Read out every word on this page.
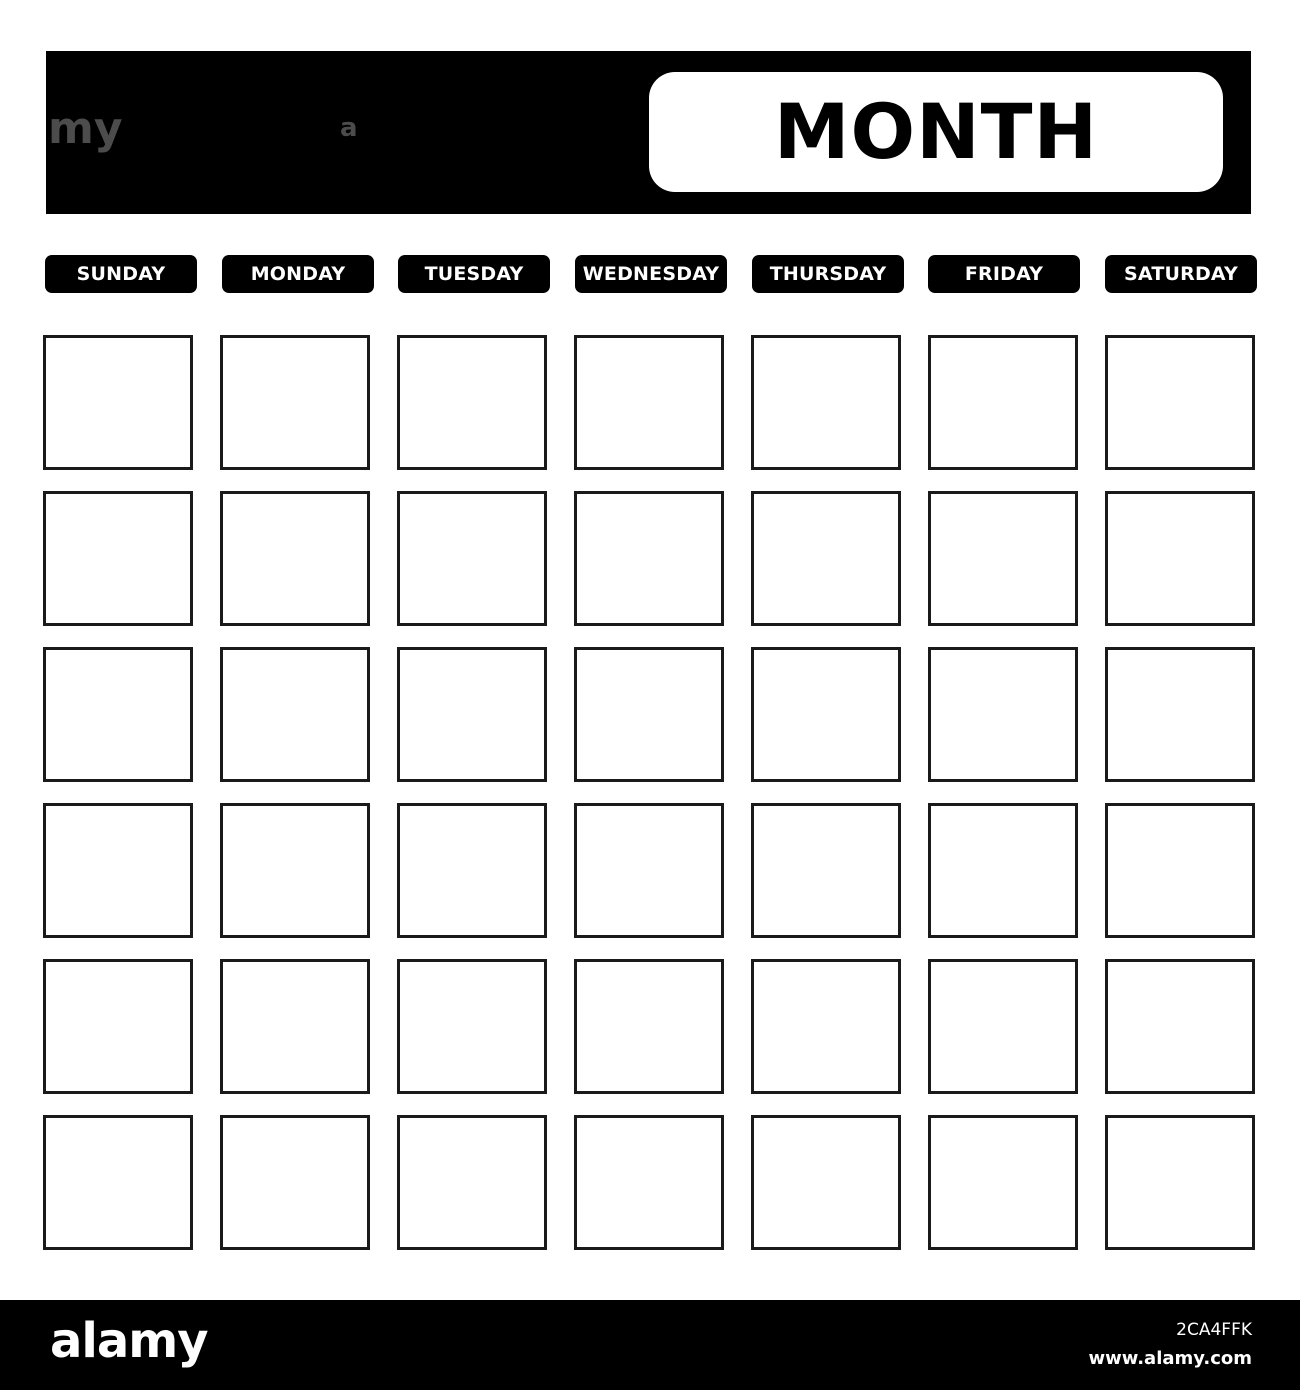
my	a	MONTH
SUNDAY	MONDAY	TUESDAY	WEDNESDAY	THURSDAY	FRIDAY	SATURDAY
alamy	2CA4FFK
www.alamy.com
